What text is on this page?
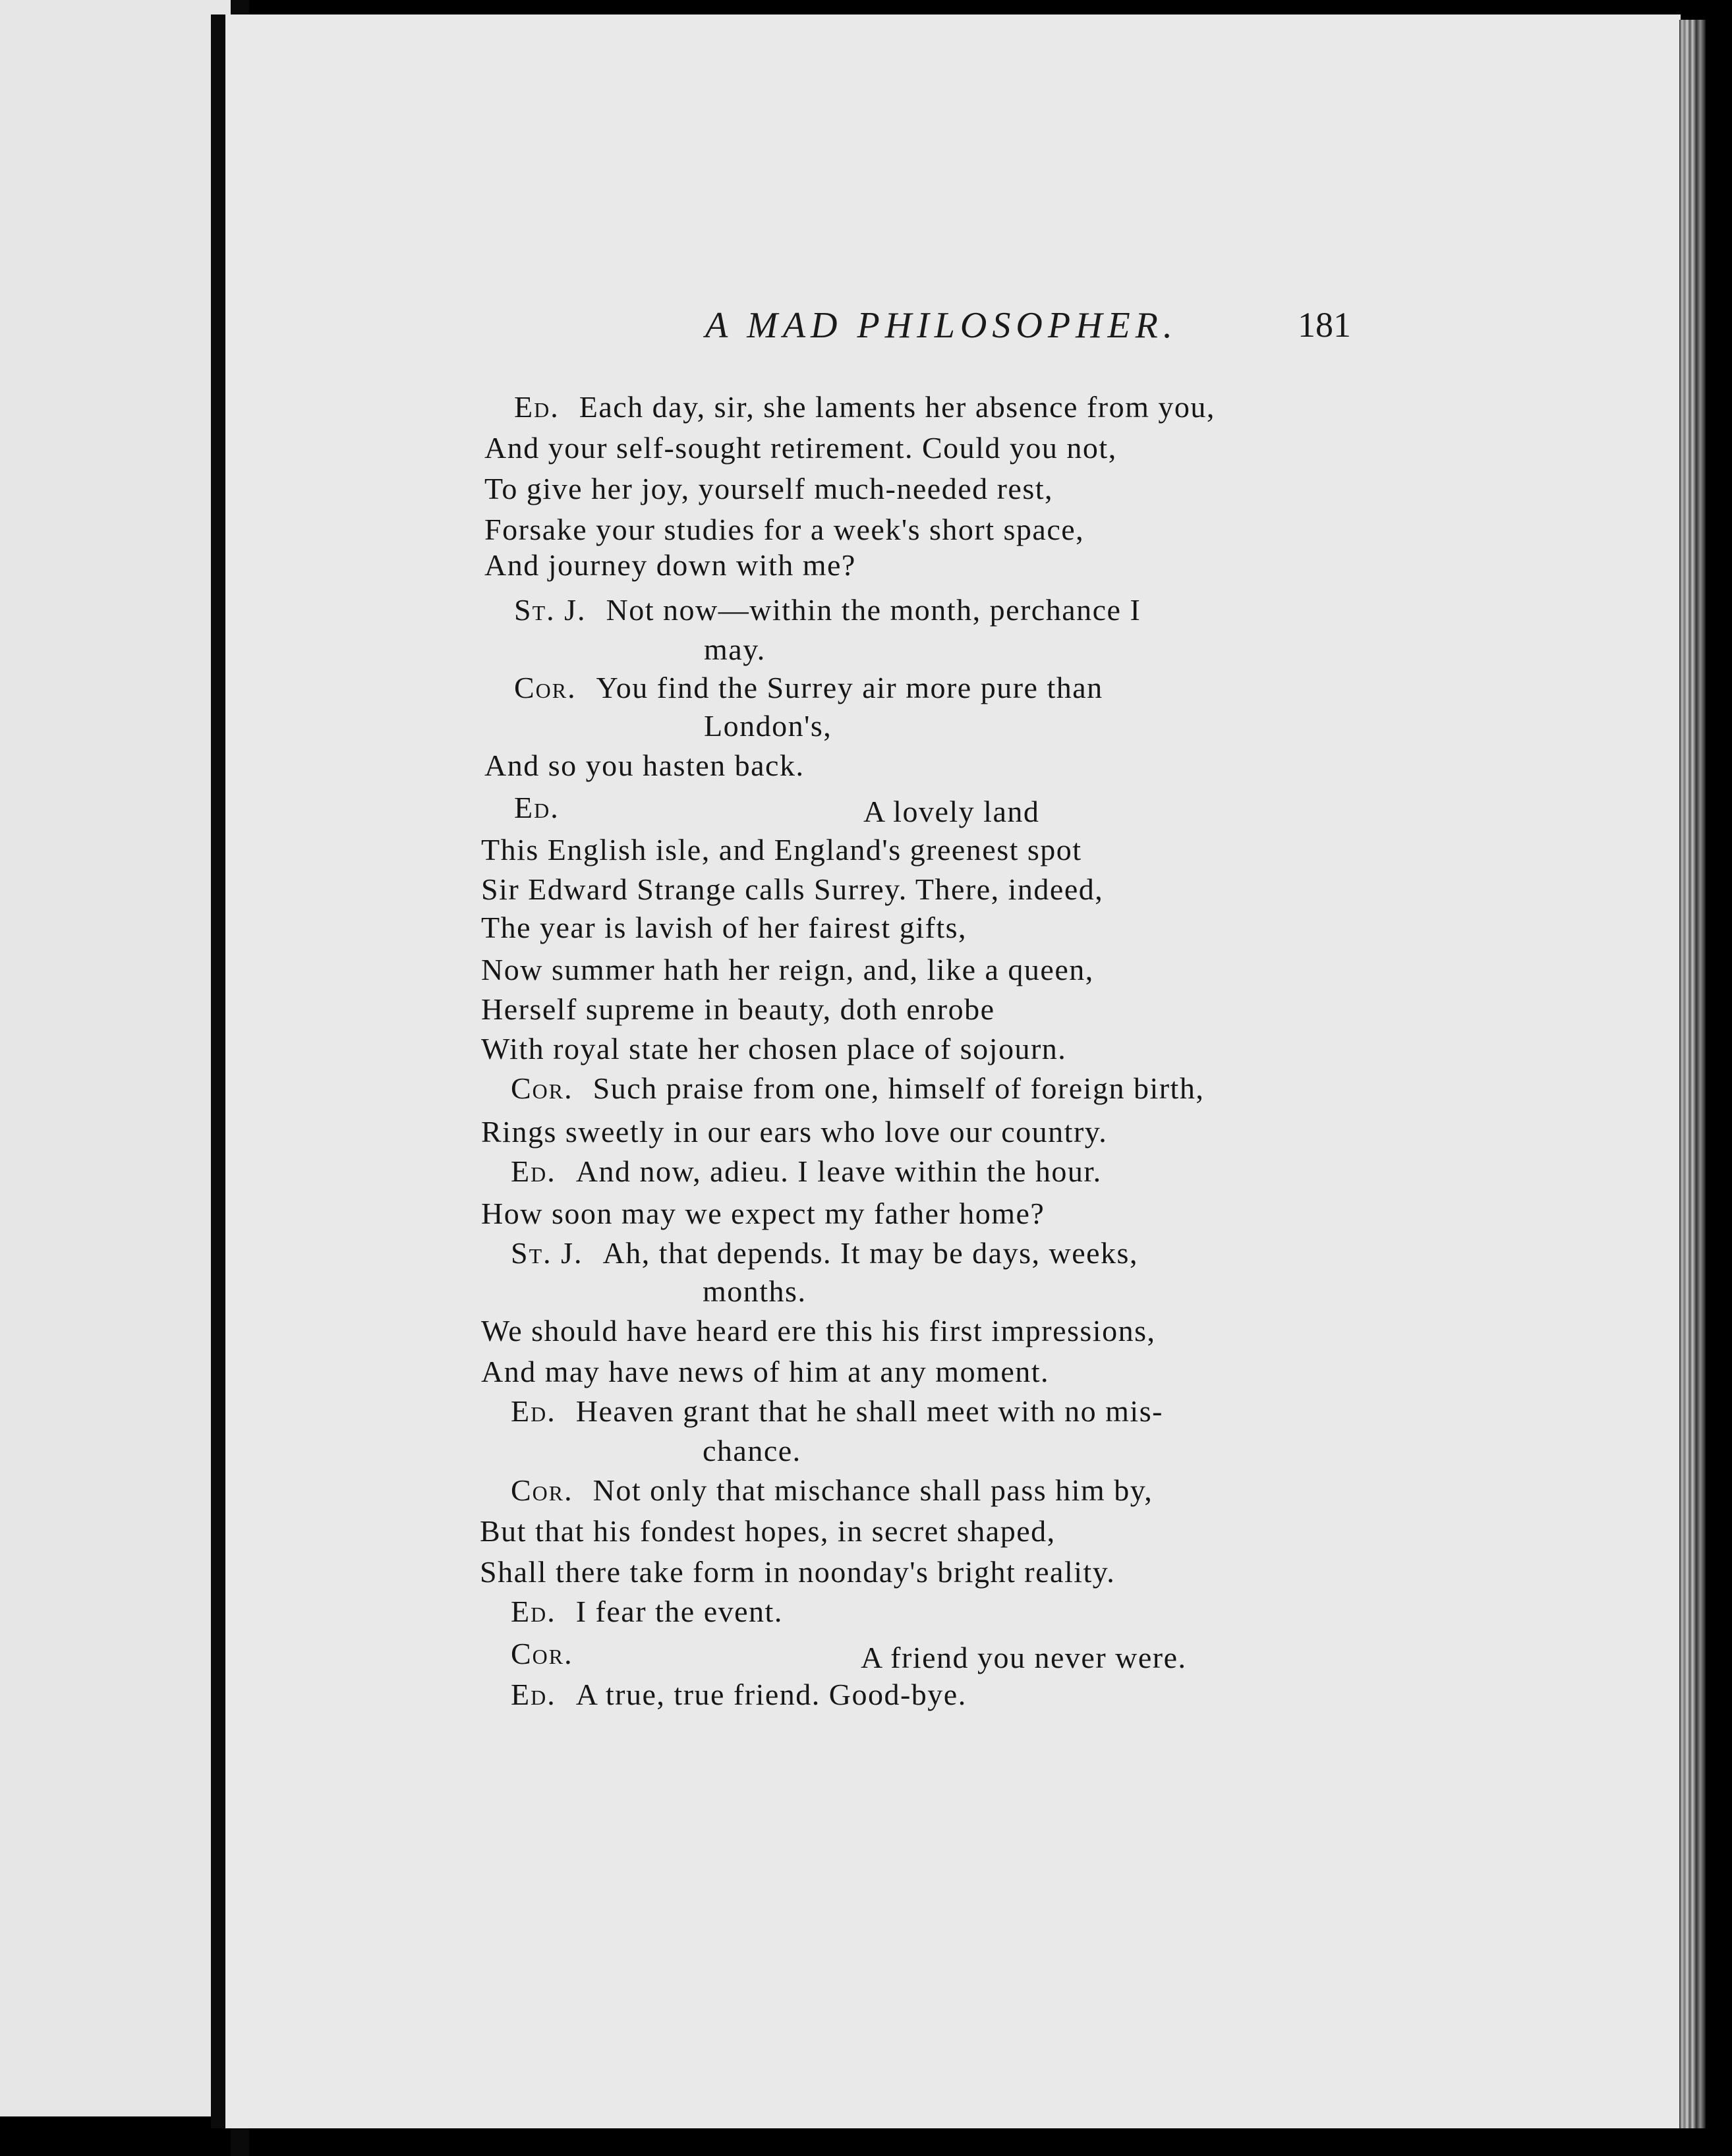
A MAD PHILOSOPHER.	181
Ed. Each day, sir, she laments her absence from you,
And your self-sought retirement. Could you not,
To give her joy, yourself much-needed rest,
Forsake your studies for a week's short space,
And journey down with me?
St. J. Not now—within the month, perchance I
may.
Cor. You find the Surrey air more pure than
London's,
And so you hasten back.
Ed.	A lovely land
This English isle, and England's greenest spot
Sir Edward Strange calls Surrey. There, indeed,
The year is lavish of her fairest gifts,
Now summer hath her reign, and, like a queen,
Herself supreme in beauty, doth enrobe
With royal state her chosen place of sojourn.
Cor. Such praise from one, himself of foreign birth,
Rings sweetly in our ears who love our country.
Ed. And now, adieu. I leave within the hour.
How soon may we expect my father home?
St. J. Ah, that depends. It may be days, weeks,
months.
We should have heard ere this his first impressions,
And may have news of him at any moment.
Ed. Heaven grant that he shall meet with no mis-
chance.
Cor. Not only that mischance shall pass him by,
But that his fondest hopes, in secret shaped,
Shall there take form in noonday's bright reality.
Ed. I fear the event.
Cor.	A friend you never were.
Ed. A true, true friend. Good-bye.
